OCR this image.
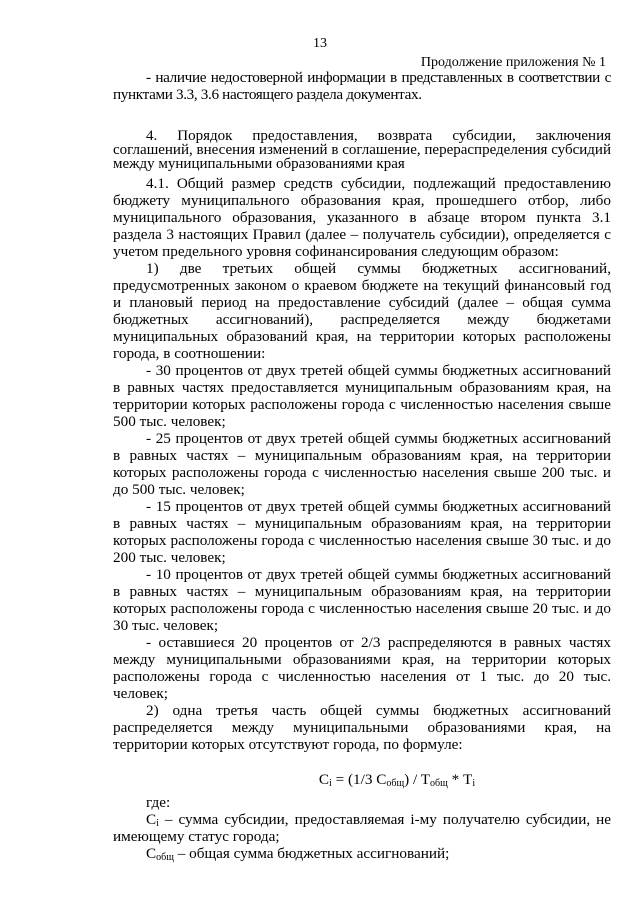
13
Продолжение приложения № 1

- наличие недостоверной информации в представленных в соответствии с пунктами 3.3, 3.6 настоящего раздела документах.

4. Порядок предоставления, возврата субсидии, заключения соглашений, внесения изменений в соглашение, перераспределения субсидий между муниципальными образованиями края

4.1. Общий размер средств субсидии, подлежащий предоставлению бюджету муниципального образования края, прошедшего отбор, либо муниципального образования, указанного в абзаце втором пункта 3.1 раздела 3 настоящих Правил (далее – получатель субсидии), определяется с учетом предельного уровня софинансирования следующим образом:

1) две третьих общей суммы бюджетных ассигнований, предусмотренных законом о краевом бюджете на текущий финансовый год и плановый период на предоставление субсидий (далее – общая сумма бюджетных ассигнований), распределяется между бюджетами муниципальных образований края, на территории которых расположены города, в соотношении:

- 30 процентов от двух третей общей суммы бюджетных ассигнований в равных частях предоставляется муниципальным образованиям края, на территории которых расположены города с численностью населения свыше 500 тыс. человек;

- 25 процентов от двух третей общей суммы бюджетных ассигнований в равных частях – муниципальным образованиям края, на территории которых расположены города с численностью населения свыше 200 тыс. и до 500 тыс. человек;

- 15 процентов от двух третей общей суммы бюджетных ассигнований в равных частях – муниципальным образованиям края, на территории которых расположены города с численностью населения свыше 30 тыс. и до 200 тыс. человек;

- 10 процентов от двух третей общей суммы бюджетных ассигнований в равных частях – муниципальным образованиям края, на территории которых расположены города с численностью населения свыше 20 тыс. и до 30 тыс. человек;

- оставшиеся 20 процентов от 2/3 распределяются в равных частях между муниципальными образованиями края, на территории которых расположены города с численностью населения от 1 тыс. до 20 тыс. человек;

2) одна третья часть общей суммы бюджетных ассигнований распределяется между муниципальными образованиями края, на территории которых отсутствуют города, по формуле:

$C_i = (1/3$ $C_{общ}) / T_{общ} * T_i$

где:

$C_i$ – сумма субсидии, предоставляемая i-му получателю субсидии, не имеющему статус города;

$C_{общ}$ – общая сумма бюджетных ассигнований;
